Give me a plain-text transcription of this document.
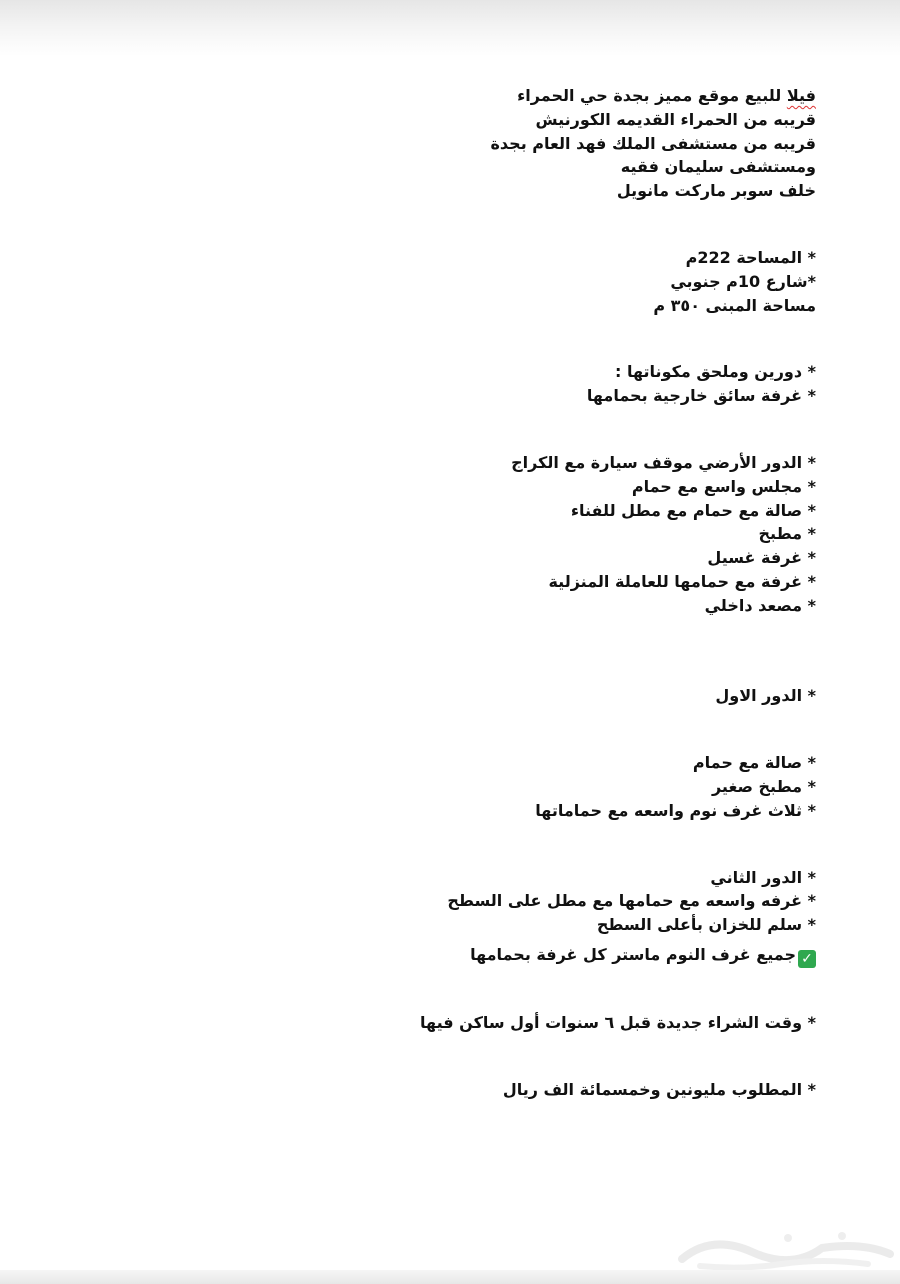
فيلا للبيع موقع مميز بجدة حي الحمراء
قريبه من الحمراء القديمه الكورنيش
قريبه من مستشفى الملك فهد العام بجدة
ومستشفى سليمان فقيه
خلف سوبر ماركت مانويل
* المساحة 222م
*شارع 10م جنوبي
مساحة المبنى ٣٥٠ م
* دورين وملحق مكوناتها :
* غرفة سائق خارجية بحمامها
* الدور الأرضي موقف سيارة مع الكراج
* مجلس واسع مع حمام
* صالة مع حمام مع مطل للفناء
* مطبخ
* غرفة غسيل
* غرفة مع حمامها للعاملة المنزلية
* مصعد داخلي
* الدور الاول
* صالة مع حمام
* مطبخ صغير
* ثلاث غرف نوم واسعه مع حماماتها
* الدور الثاني
* غرفه واسعه مع حمامها مع مطل على السطح
* سلم للخزان بأعلى السطح
✓جميع غرف النوم ماستر كل غرفة بحمامها
* وقت الشراء جديدة قبل ٦ سنوات أول ساكن فيها
* المطلوب مليونين وخمسمائة الف ريال
